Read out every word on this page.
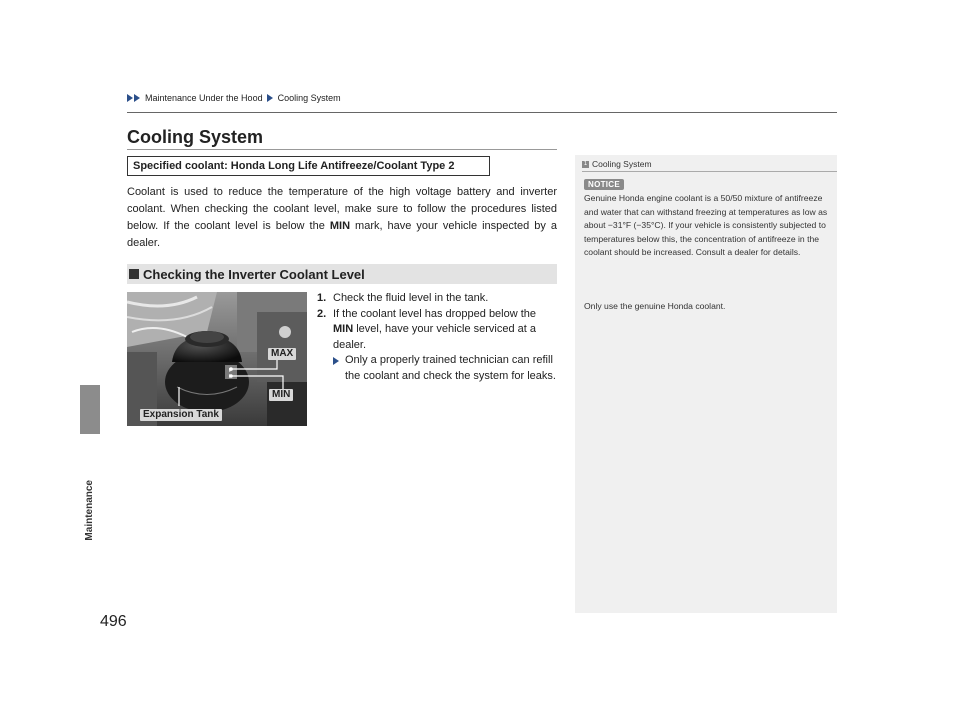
Maintenance Under the Hood Cooling System
Maintenance
496
Cooling System
Specified coolant: Honda Long Life Antifreeze/Coolant Type 2
Coolant is used to reduce the temperature of the high voltage battery and inverter coolant. When checking the coolant level, make sure to follow the procedures listed below. If the coolant level is below the MIN mark, have your vehicle inspected by a dealer.
Checking the Inverter Coolant Level
MAX
MIN
Expansion Tank
1. Check the fluid level in the tank.
2. If the coolant level has dropped below the MIN level, have your vehicle serviced at a dealer.
Only a properly trained technician can refill the coolant and check the system for leaks.
1 Cooling System
NOTICE
Genuine Honda engine coolant is a 50/50 mixture of antifreeze and water that can withstand freezing at temperatures as low as about −31°F (−35°C). If your vehicle is consistently subjected to temperatures below this, the concentration of antifreeze in the coolant should be increased. Consult a dealer for details.
Only use the genuine Honda coolant.
